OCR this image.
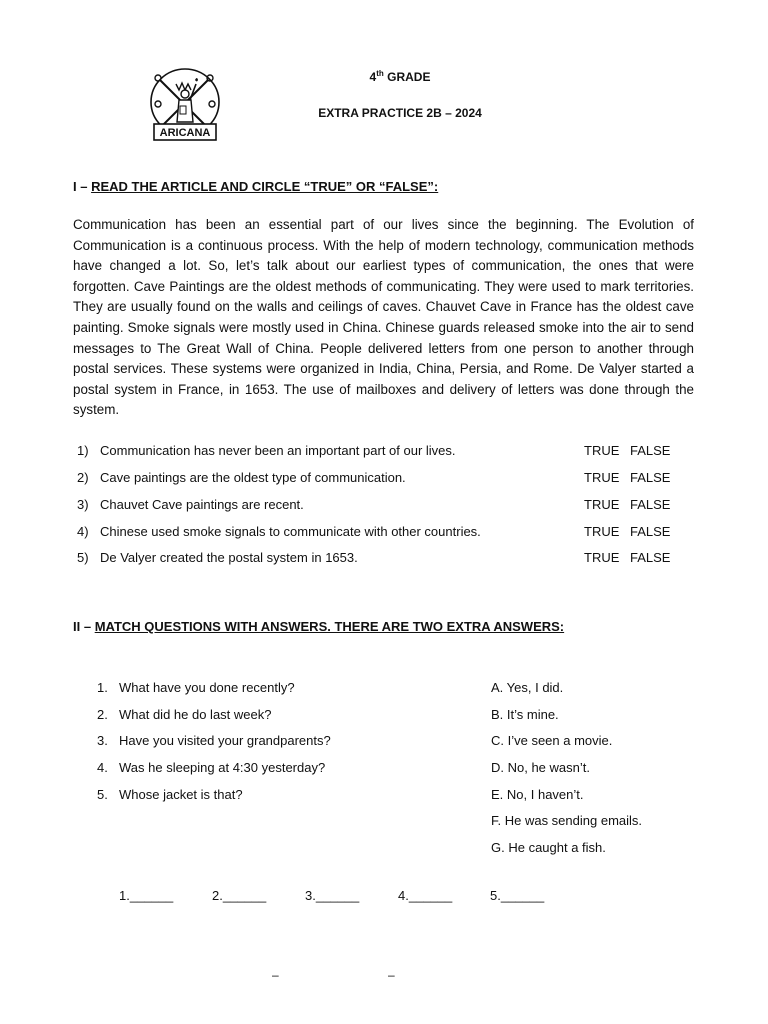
ARICANA
4th GRADE
EXTRA PRACTICE 2B – 2024
I – READ THE ARTICLE AND CIRCLE “TRUE” OR “FALSE”:

Communication has been an essential part of our lives since the beginning. The Evolution of Communication is a continuous process. With the help of modern technology, communication methods have changed a lot. So, let’s talk about our earliest types of communication, the ones that were forgotten. Cave Paintings are the oldest methods of communicating. They were used to mark territories. They are usually found on the walls and ceilings of caves. Chauvet Cave in France has the oldest cave painting. Smoke signals were mostly used in China. Chinese guards released smoke into the air to send messages to The Great Wall of China. People delivered letters from one person to another through postal services. These systems were organized in India, China, Persia, and Rome. De Valyer started a postal system in France, in 1653. The use of mailboxes and delivery of letters was done through the system.

1) Communication has never been an important part of our lives.	TRUE FALSE
2) Cave paintings are the oldest type of communication.	TRUE FALSE
3) Chauvet Cave paintings are recent.	TRUE FALSE
4) Chinese used smoke signals to communicate with other countries.	TRUE FALSE
5) De Valyer created the postal system in 1653.	TRUE FALSE
II – MATCH QUESTIONS WITH ANSWERS. THERE ARE TWO EXTRA ANSWERS:
1. What have you done recently?
2. What did he do last week?
3. Have you visited your grandparents?
4. Was he sleeping at 4:30 yesterday?
5. Whose jacket is that?
A. Yes, I did.
B. It’s mine.
C. I’ve seen a movie.
D. No, he wasn’t.
E. No, I haven’t.
F. He was sending emails.
G. He caught a fish.
1.______	2.______	3.______	4.______	5.______
–	–
